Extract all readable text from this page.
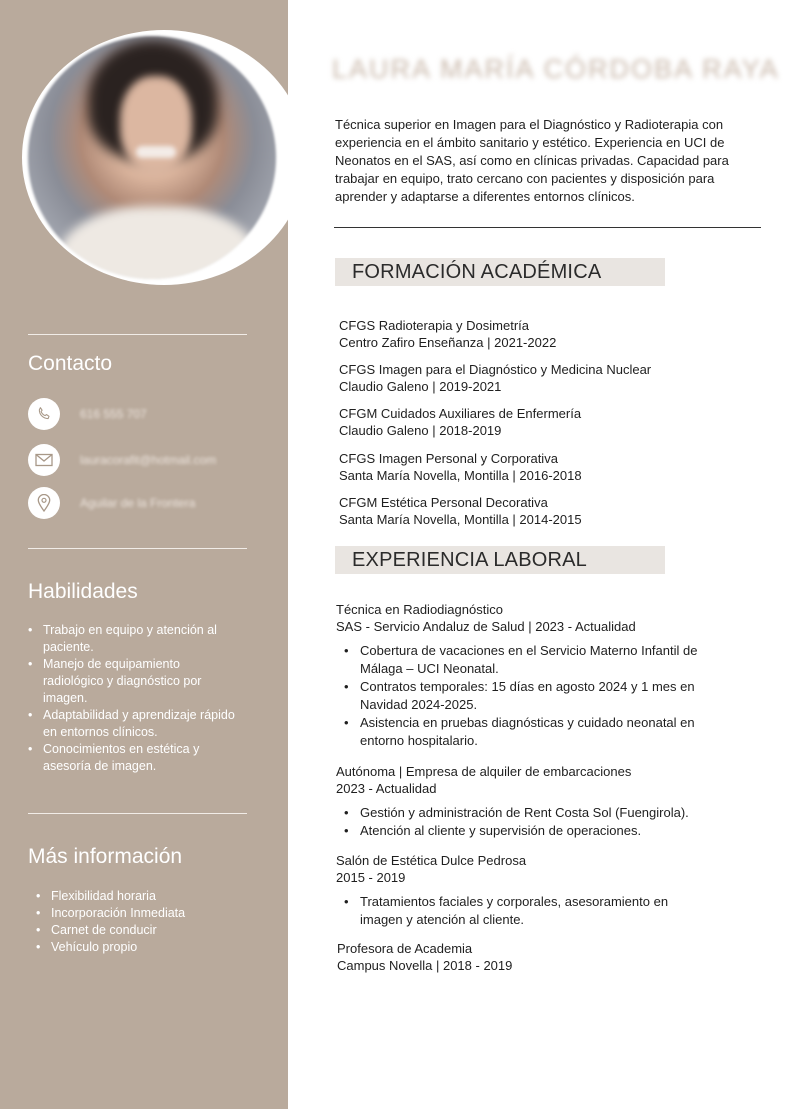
Contacto
616 555 707
lauracorafit@hotmail.com
Aguilar de la Frontera
Habilidades
• Trabajo en equipo y atención al paciente.
• Manejo de equipamiento radiológico y diagnóstico por imagen.
• Adaptabilidad y aprendizaje rápido en entornos clínicos.
• Conocimientos en estética y asesoría de imagen.
Más información
• Flexibilidad horaria
• Incorporación Inmediata
• Carnet de conducir
• Vehículo propio
LAURA MARÍA CÓRDOBA RAYA

Técnica superior en Imagen para el Diagnóstico y Radioterapia con experiencia en el ámbito sanitario y estético. Experiencia en UCI de Neonatos en el SAS, así como en clínicas privadas. Capacidad para trabajar en equipo, trato cercano con pacientes y disposición para aprender y adaptarse a diferentes entornos clínicos.

FORMACIÓN ACADÉMICA
CFGS Radioterapia y Dosimetría
Centro Zafiro Enseñanza | 2021-2022
CFGS Imagen para el Diagnóstico y Medicina Nuclear
Claudio Galeno | 2019-2021
CFGM Cuidados Auxiliares de Enfermería
Claudio Galeno | 2018-2019
CFGS Imagen Personal y Corporativa
Santa María Novella, Montilla | 2016-2018
CFGM Estética Personal Decorativa
Santa María Novella, Montilla | 2014-2015
EXPERIENCIA LABORAL
Técnica en Radiodiagnóstico
SAS - Servicio Andaluz de Salud | 2023 - Actualidad
• Cobertura de vacaciones en el Servicio Materno Infantil de Málaga – UCI Neonatal.
• Contratos temporales: 15 días en agosto 2024 y 1 mes en Navidad 2024-2025.
• Asistencia en pruebas diagnósticas y cuidado neonatal en entorno hospitalario.
Autónoma | Empresa de alquiler de embarcaciones
2023 - Actualidad
• Gestión y administración de Rent Costa Sol (Fuengirola).
• Atención al cliente y supervisión de operaciones.
Salón de Estética Dulce Pedrosa
2015 - 2019
• Tratamientos faciales y corporales, asesoramiento en imagen y atención al cliente.
Profesora de Academia
Campus Novella | 2018 - 2019
